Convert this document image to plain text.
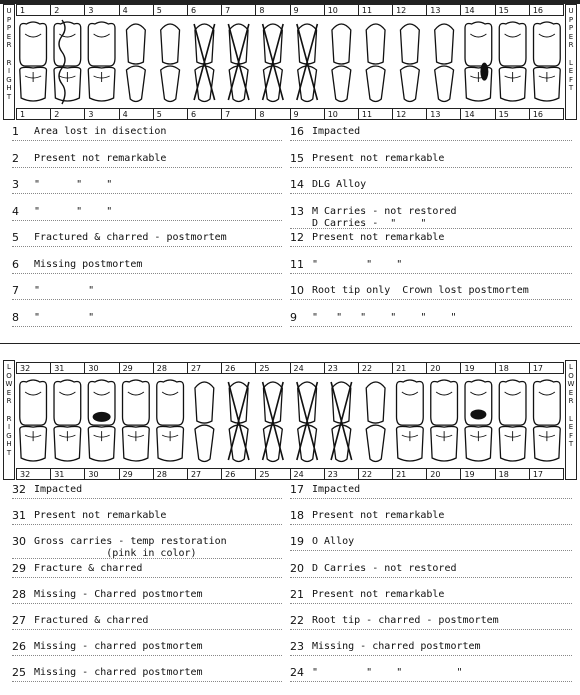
U
P
P
E
R

R
I
G
H
T
U
P
P
E
R

L
E
F
T
1	2	3	4	5	6	7	8	9	10	11	12	13	14	15	16
1	2	3	4	5	6	7	8	9	10	11	12	13	14	15	16
1 Area lost in disection
2 Present not remarkable
3 "      "    "
4 "      "    "
5 Fractured & charred - postmortem
6 Missing postmortem
7 "        "
8 "        "
16 Impacted
15 Present not remarkable
14 DLG Alloy
13 M Carries - not restored
D Carries -  "    "
12 Present not remarkable
11 "        "    "
10 Root tip only  Crown lost postmortem
9 "   "   "    "    "    "
L
O
W
E
R

R
I
G
H
T
L
O
W
E
R

L
E
F
T
32	31	30	29	28	27	26	25	24	23	22	21	20	19	18	17
32	31	30	29	28	27	26	25	24	23	22	21	20	19	18	17
32 Impacted
31 Present not remarkable
30 Gross carries - temp restoration
(pink in color)
29 Fracture & charred
28 Missing - Charred postmortem
27 Fractured & charred
26 Missing - charred postmortem
25 Missing - charred postmortem
17 Impacted
18 Present not remarkable
19 O Alloy
20 D Carries - not restored
21 Present not remarkable
22 Root tip - charred - postmortem
23 Missing - charred postmortem
24 "        "    "         "
